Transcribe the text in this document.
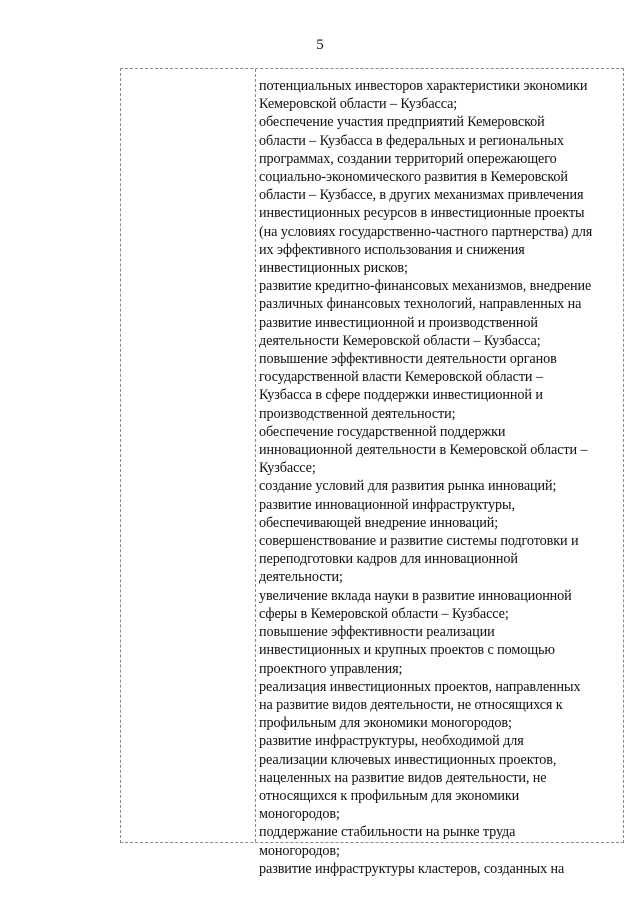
5
потенциальных инвесторов характеристики экономики
Кемеровской области – Кузбасса;
обеспечение участия предприятий Кемеровской
области – Кузбасса в федеральных и региональных
программах, создании территорий опережающего
социально-экономического развития в Кемеровской
области – Кузбассе, в других механизмах привлечения
инвестиционных ресурсов в инвестиционные проекты
(на условиях государственно-частного партнерства) для
их эффективного использования и снижения
инвестиционных рисков;
развитие кредитно-финансовых механизмов, внедрение
различных финансовых технологий, направленных на
развитие инвестиционной и производственной
деятельности Кемеровской области – Кузбасса;
повышение эффективности деятельности органов
государственной власти Кемеровской области –
Кузбасса в сфере поддержки инвестиционной и
производственной деятельности;
обеспечение государственной поддержки
инновационной деятельности в Кемеровской области –
Кузбассе;
создание условий для развития рынка инноваций;
развитие инновационной инфраструктуры,
обеспечивающей внедрение инноваций;
совершенствование и развитие системы подготовки и
переподготовки кадров для инновационной
деятельности;
увеличение вклада науки в развитие инновационной
сферы в Кемеровской области – Кузбассе;
повышение эффективности реализации
инвестиционных и крупных проектов с помощью
проектного управления;
реализация инвестиционных проектов, направленных
на развитие видов деятельности, не относящихся к
профильным для экономики моногородов;
развитие инфраструктуры, необходимой для
реализации ключевых инвестиционных проектов,
нацеленных на развитие видов деятельности, не
относящихся к профильным для экономики
моногородов;
поддержание стабильности на рынке труда
моногородов;
развитие инфраструктуры кластеров, созданных на
